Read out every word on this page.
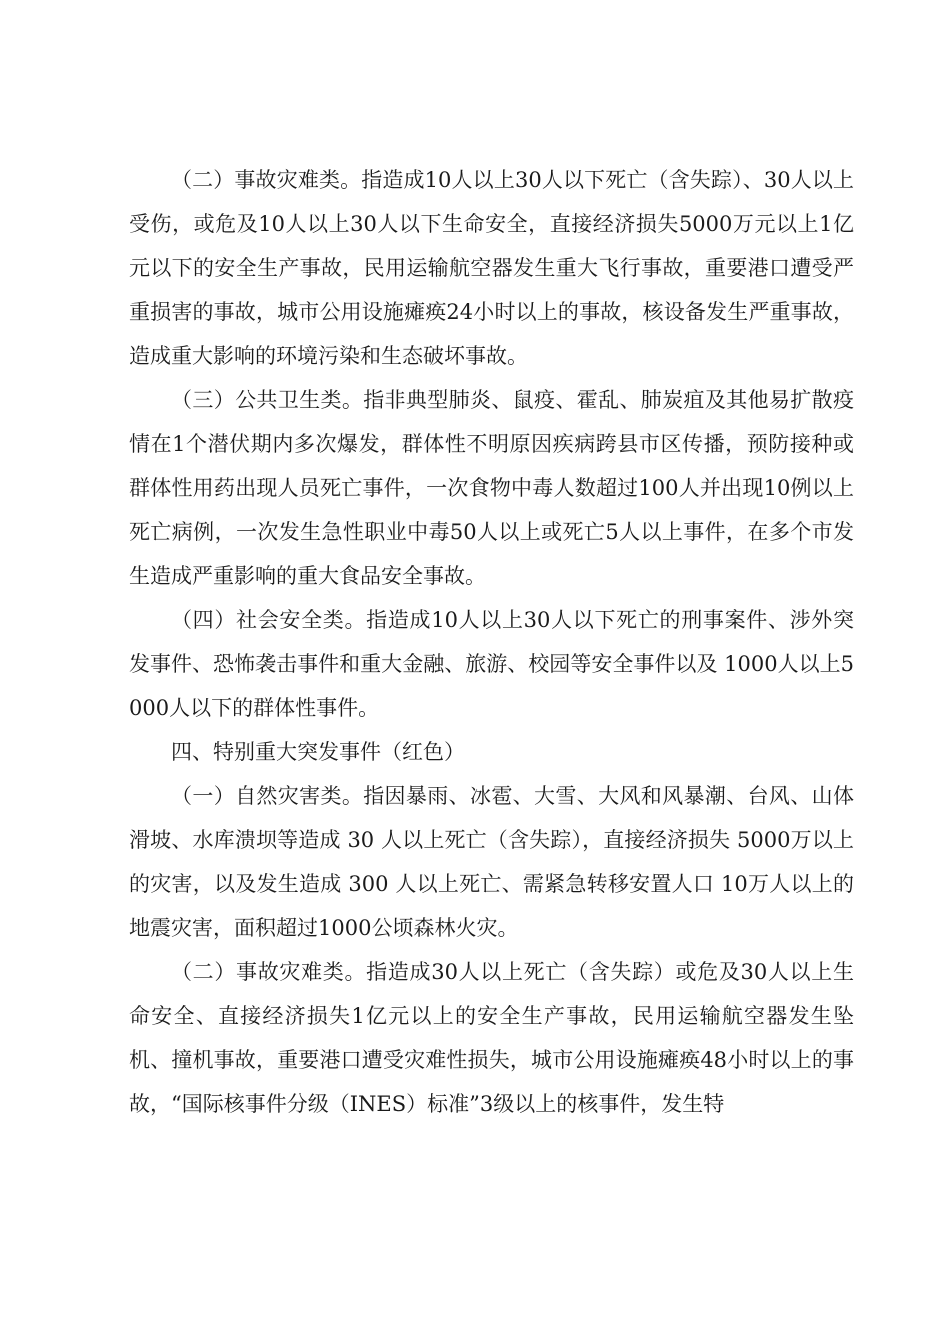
（二）事故灾难类。指造成10人以上30人以下死亡（含失踪）、30人以上受伤，或危及10人以上30人以下生命安全，直接经济损失5000万元以上1亿元以下的安全生产事故，民用运输航空器发生重大飞行事故，重要港口遭受严重损害的事故，城市公用设施瘫痪24小时以上的事故，核设备发生严重事故，造成重大影响的环境污染和生态破坏事故。

（三）公共卫生类。指非典型肺炎、鼠疫、霍乱、肺炭疽及其他易扩散疫情在1个潜伏期内多次爆发，群体性不明原因疾病跨县市区传播，预防接种或群体性用药出现人员死亡事件，一次食物中毒人数超过100人并出现10例以上死亡病例，一次发生急性职业中毒50人以上或死亡5人以上事件，在多个市发生造成严重影响的重大食品安全事故。

（四）社会安全类。指造成10人以上30人以下死亡的刑事案件、涉外突发事件、恐怖袭击事件和重大金融、旅游、校园等安全事件以及 1000人以上5000人以下的群体性事件。

四、特别重大突发事件（红色）

（一）自然灾害类。指因暴雨、冰雹、大雪、大风和风暴潮、台风、山体滑坡、水库溃坝等造成 30 人以上死亡（含失踪），直接经济损失 5000万以上的灾害，以及发生造成 300 人以上死亡、需紧急转移安置人口 10万人以上的地震灾害，面积超过1000公顷森林火灾。

（二）事故灾难类。指造成30人以上死亡（含失踪）或危及30人以上生命安全、直接经济损失1亿元以上的安全生产事故，民用运输航空器发生坠机、撞机事故，重要港口遭受灾难性损失，城市公用设施瘫痪48小时以上的事故，“国际核事件分级（INES）标准”3级以上的核事件，发生特
